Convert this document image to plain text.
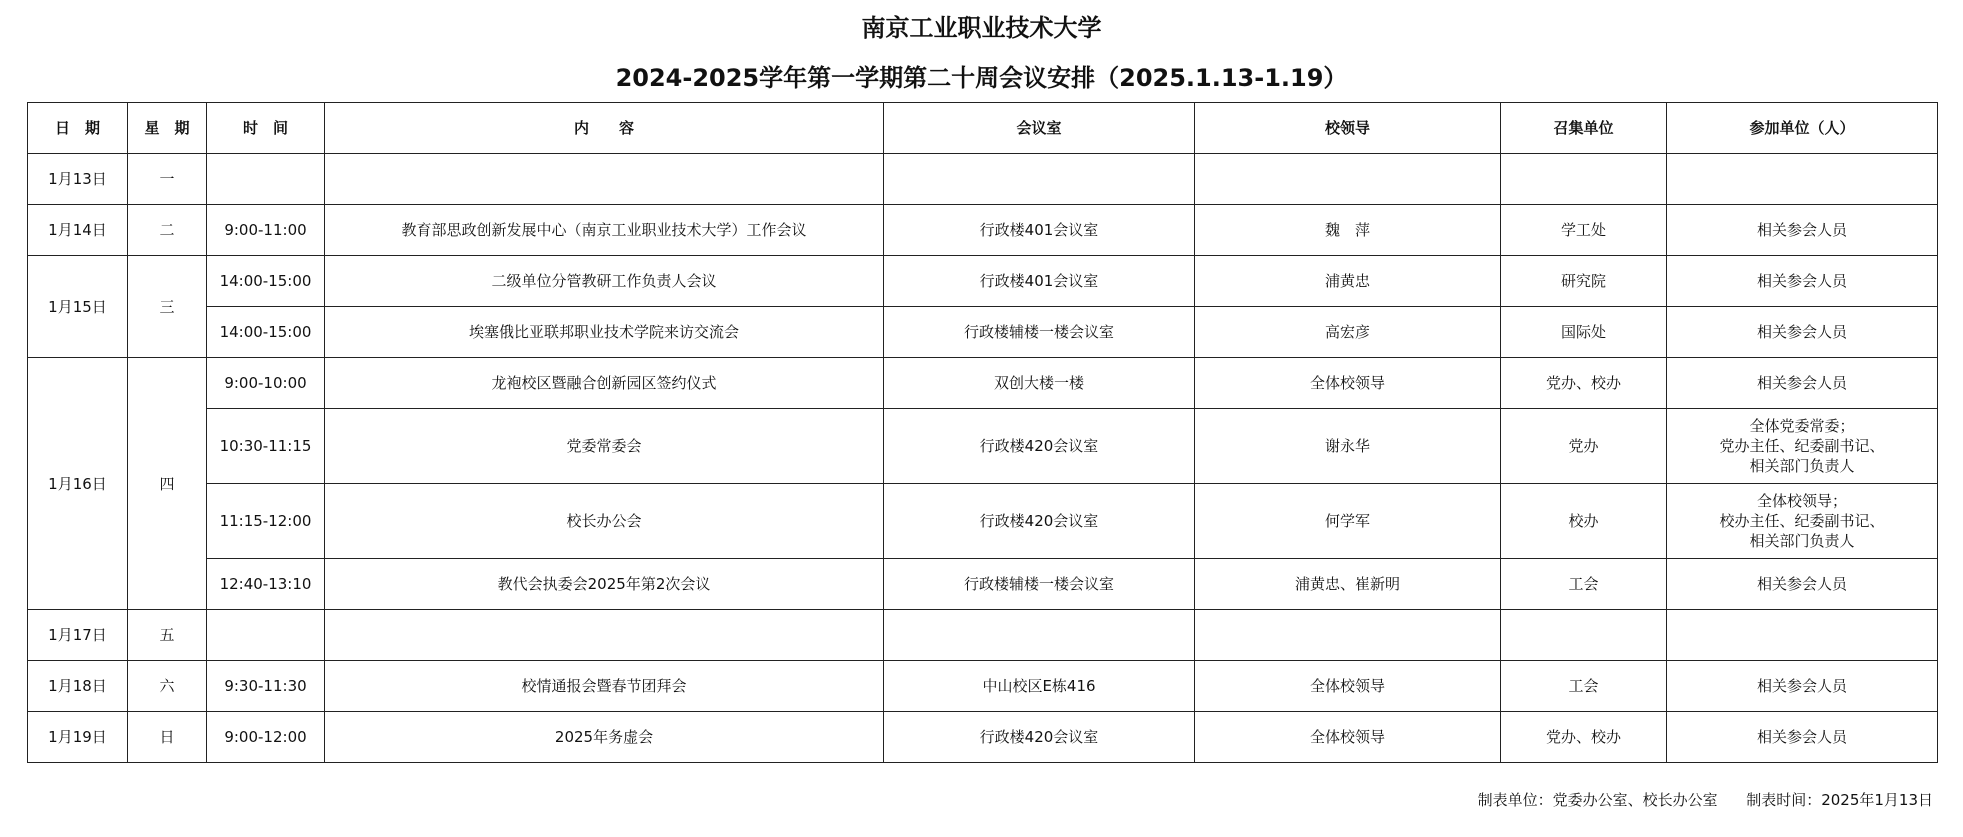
南京工业职业技术大学
2024-2025学年第一学期第二十周会议安排（2025.1.13-1.19）
日　期	星　期	时　间	内　　容	会议室	校领导	召集单位	参加单位（人）
1月13日	一						
1月14日	二	9:00-11:00	教育部思政创新发展中心（南京工业职业技术大学）工作会议	行政楼401会议室	魏　萍	学工处	相关参会人员

1月15日	三	14:00-15:00	二级单位分管教研工作负责人会议	行政楼401会议室	浦黄忠	研究院	相关参会人员

		14:00-15:00	埃塞俄比亚联邦职业技术学院来访交流会	行政楼辅楼一楼会议室	高宏彦	国际处	相关参会人员

1月16日	四	9:00-10:00	龙袍校区暨融合创新园区签约仪式	双创大楼一楼	全体校领导	党办、校办	相关参会人员

		10:30-11:15	党委常委会	行政楼420会议室	谢永华	党办	全体党委常委；
党办主任、纪委副书记、
相关部门负责人

		11:15-12:00	校长办公会	行政楼420会议室	何学军	校办	全体校领导；
校办主任、纪委副书记、
相关部门负责人

		12:40-13:10	教代会执委会2025年第2次会议	行政楼辅楼一楼会议室	浦黄忠、崔新明	工会	相关参会人员

1月17日	五						
1月18日	六	9:30-11:30	校情通报会暨春节团拜会	中山校区E栋416	全体校领导	工会	相关参会人员

1月19日	日	9:00-12:00	2025年务虚会	行政楼420会议室	全体校领导	党办、校办	相关参会人员
制表单位：党委办公室、校长办公室 制表时间：2025年1月13日
